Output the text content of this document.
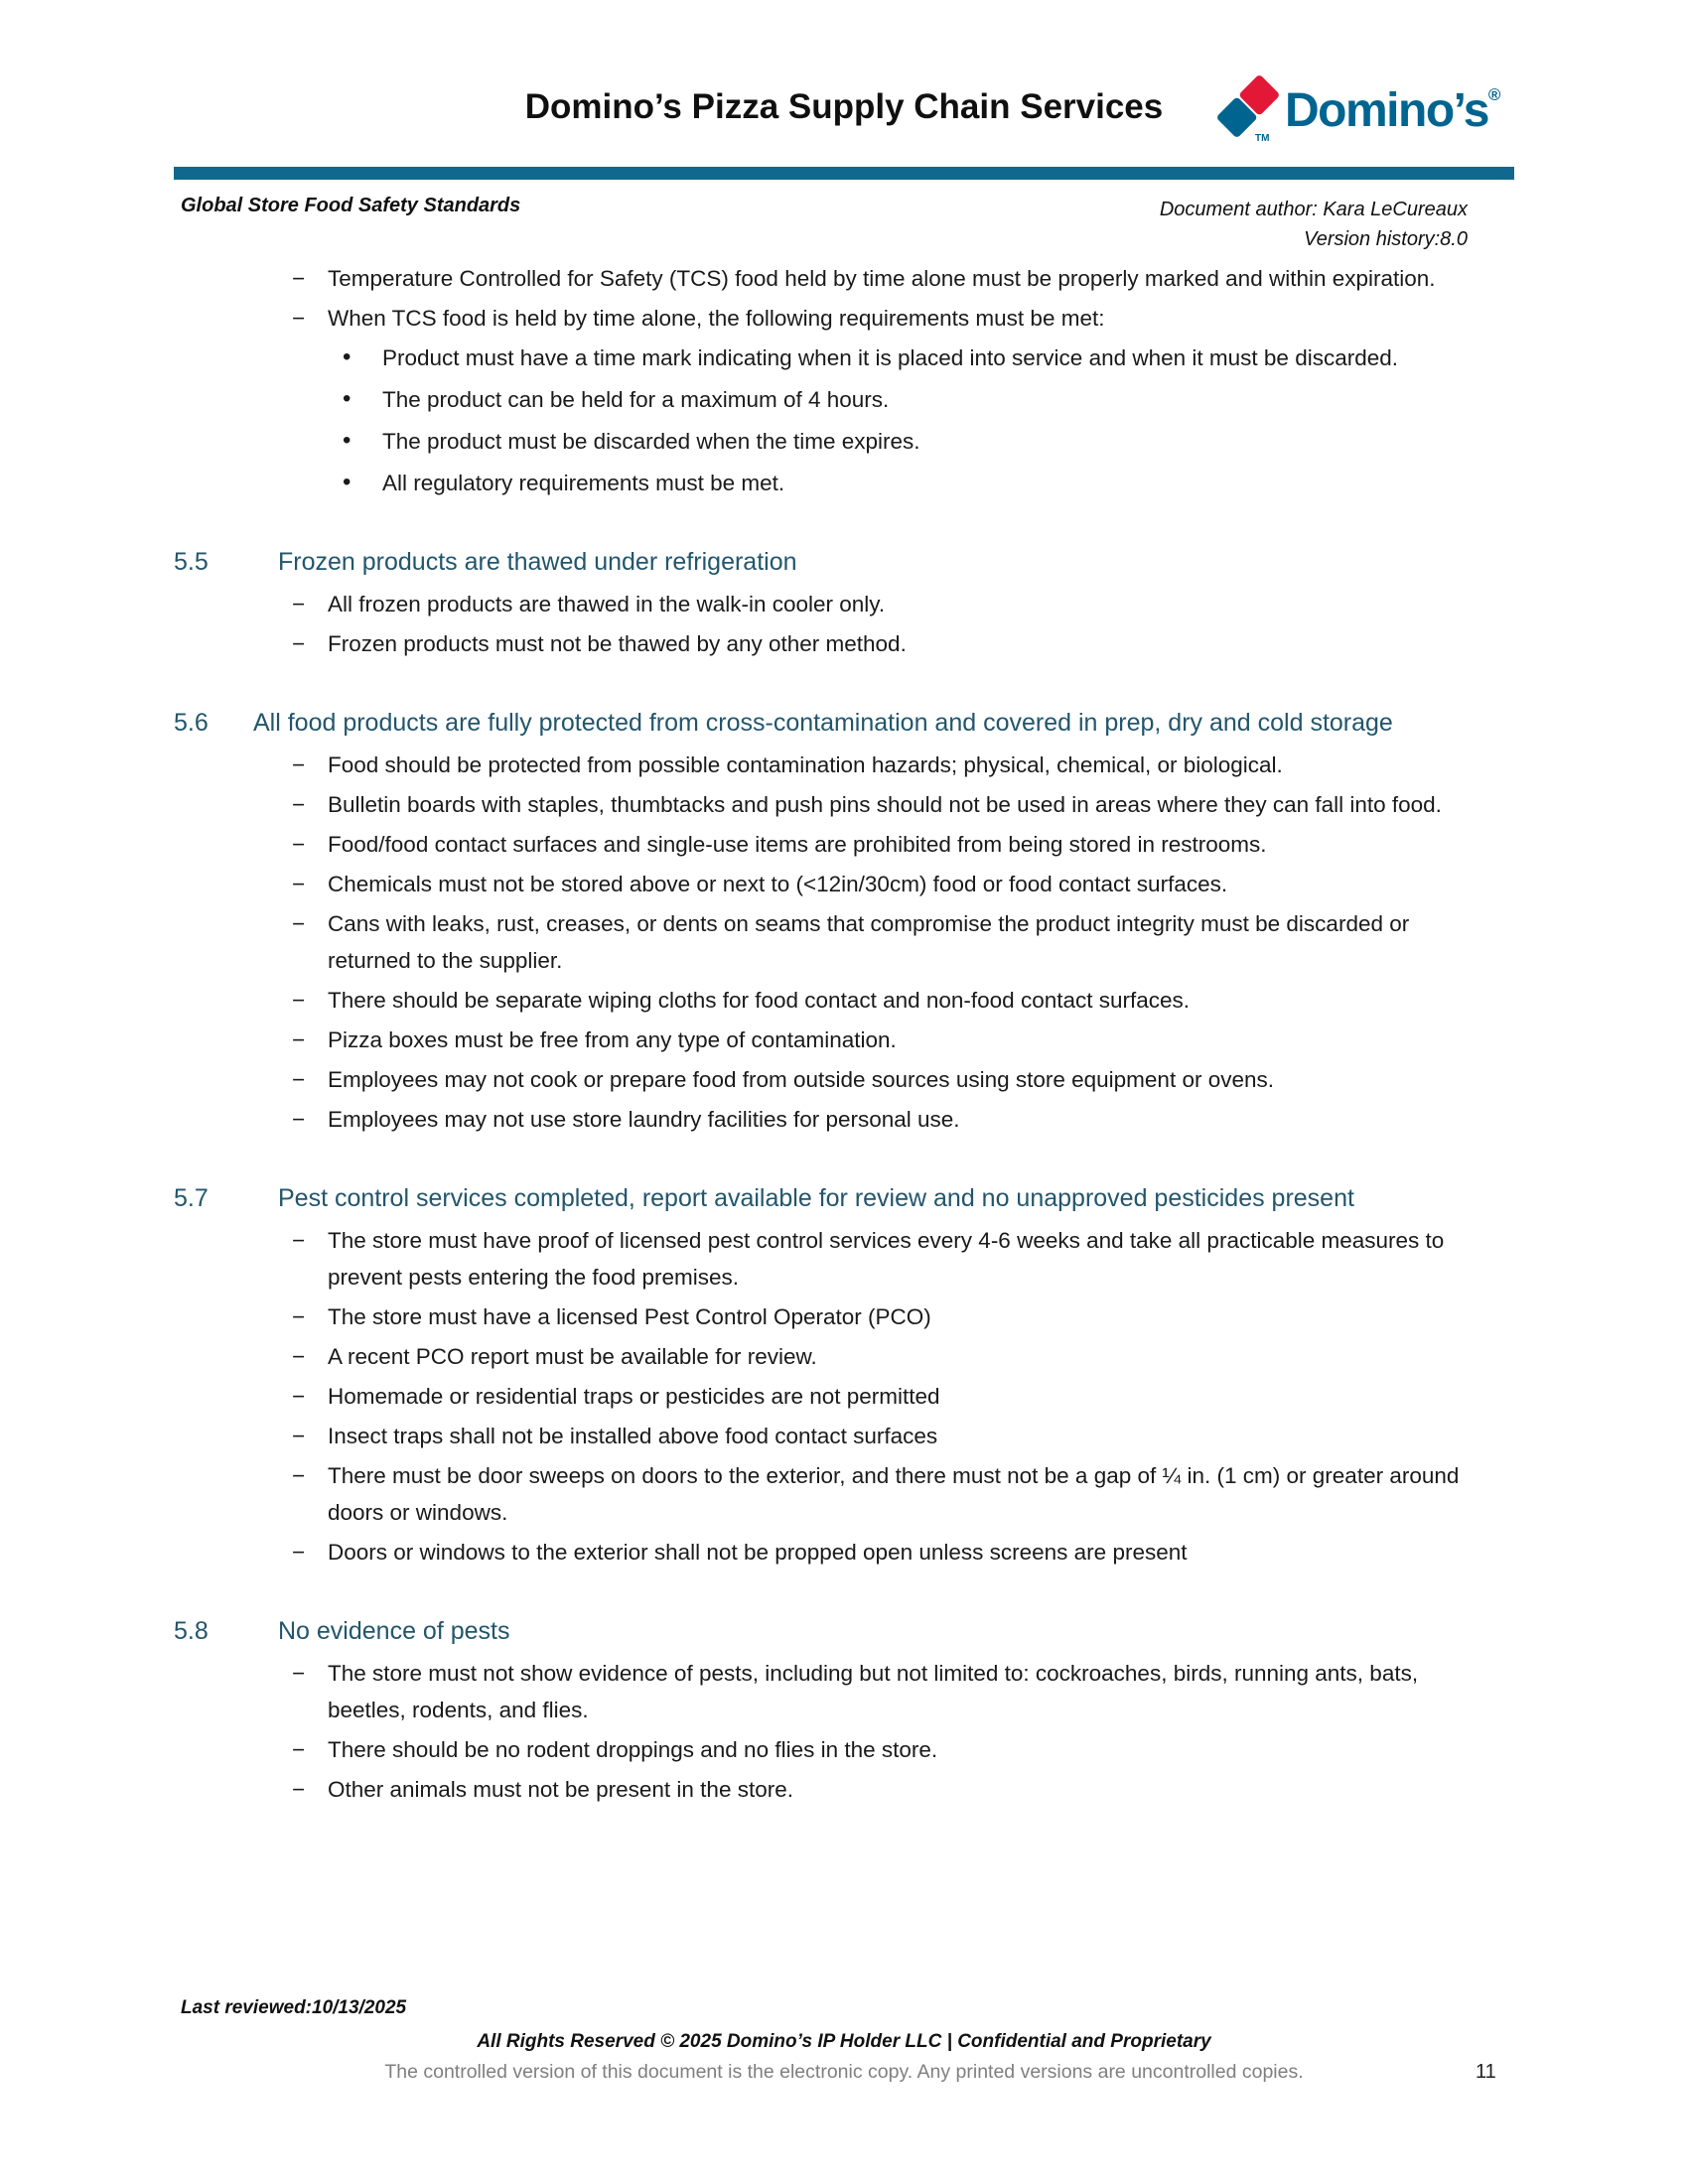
Domino’s Pizza Supply Chain Services
TM
Domino’s®
Global Store Food Safety Standards	Document author: Kara LeCureaux
Version history:8.0
− Temperature Controlled for Safety (TCS) food held by time alone must be properly marked and within expiration.
− When TCS food is held by time alone, the following requirements must be met:
• Product must have a time mark indicating when it is placed into service and when it must be discarded.
• The product can be held for a maximum of 4 hours.
• The product must be discarded when the time expires.
• All regulatory requirements must be met.
5.5	Frozen products are thawed under refrigeration
− All frozen products are thawed in the walk-in cooler only.
− Frozen products must not be thawed by any other method.
5.6 All food products are fully protected from cross-contamination and covered in prep, dry and cold storage
− Food should be protected from possible contamination hazards; physical, chemical, or biological.
− Bulletin boards with staples, thumbtacks and push pins should not be used in areas where they can fall into food.
− Food/food contact surfaces and single-use items are prohibited from being stored in restrooms.
− Chemicals must not be stored above or next to (<12in/30cm) food or food contact surfaces.
− Cans with leaks, rust, creases, or dents on seams that compromise the product integrity must be discarded or returned to the supplier.
− There should be separate wiping cloths for food contact and non-food contact surfaces.
− Pizza boxes must be free from any type of contamination.
− Employees may not cook or prepare food from outside sources using store equipment or ovens.
− Employees may not use store laundry facilities for personal use.
5.7	Pest control services completed, report available for review and no unapproved pesticides present
− The store must have proof of licensed pest control services every 4-6 weeks and take all practicable measures to prevent pests entering the food premises.
− The store must have a licensed Pest Control Operator (PCO)
− A recent PCO report must be available for review.
− Homemade or residential traps or pesticides are not permitted
− Insect traps shall not be installed above food contact surfaces
− There must be door sweeps on doors to the exterior, and there must not be a gap of ¼ in. (1 cm) or greater around doors or windows.
− Doors or windows to the exterior shall not be propped open unless screens are present
5.8	No evidence of pests
− The store must not show evidence of pests, including but not limited to: cockroaches, birds, running ants, bats, beetles, rodents, and flies.
− There should be no rodent droppings and no flies in the store.
− Other animals must not be present in the store.
Last reviewed:10/13/2025
All Rights Reserved © 2025 Domino’s IP Holder LLC | Confidential and Proprietary
The controlled version of this document is the electronic copy. Any printed versions are uncontrolled copies.	11
